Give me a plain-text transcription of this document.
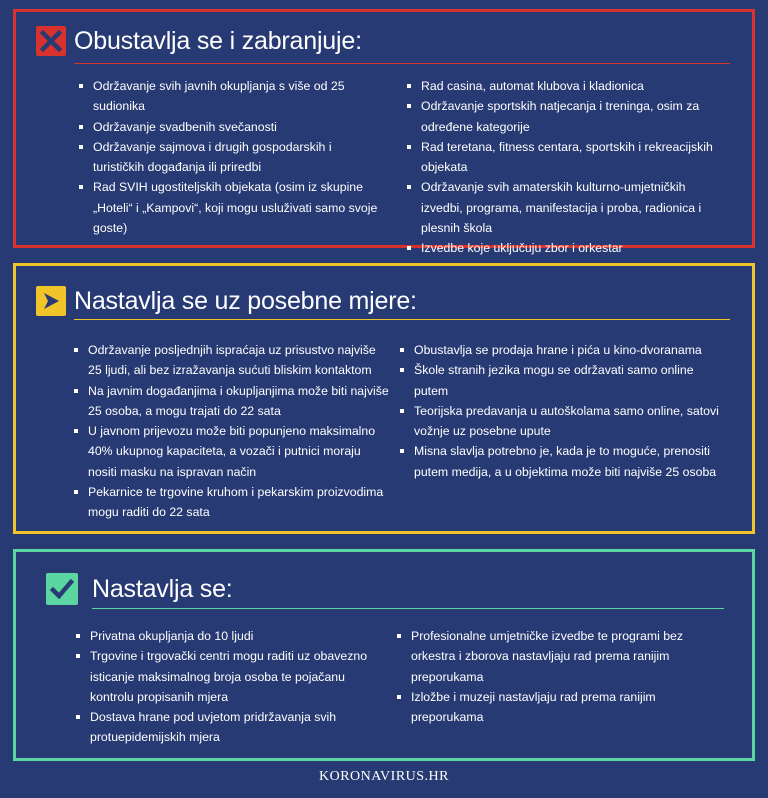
Obustavlja se i zabranjuje:
Održavanje svih javnih okupljanja s više od 25 sudionika
Održavanje svadbenih svečanosti
Održavanje sajmova i drugih gospodarskih i turističkih događanja ili priredbi
Rad SVIH ugostiteljskih objekata (osim iz skupine „Hoteli“ i „Kampovi“, koji mogu usluživati samo svoje goste)
Rad casina, automat klubova i kladionica
Održavanje sportskih natjecanja i treninga, osim za određene kategorije
Rad teretana, fitness centara, sportskih i rekreacijskih objekata
Održavanje svih amaterskih kulturno-umjetničkih izvedbi, programa, manifestacija i proba, radionica i plesnih škola
Izvedbe koje uključuju zbor i orkestar
Nastavlja se uz posebne mjere:
Održavanje posljednjih ispraćaja uz prisustvo najviše 25 ljudi, ali bez izražavanja sućuti bliskim kontaktom
Na javnim događanjima i okupljanjima može biti najviše 25 osoba, a mogu trajati do 22 sata
U javnom prijevozu može biti popunjeno maksimalno 40% ukupnog kapaciteta, a vozači i putnici moraju nositi masku na ispravan način
Pekarnice te trgovine kruhom i pekarskim proizvodima mogu raditi do 22 sata
Obustavlja se prodaja hrane i pića u kino-dvoranama
Škole stranih jezika mogu se održavati samo online putem
Teorijska predavanja u autoškolama samo online, satovi vožnje uz posebne upute
Misna slavlja potrebno je, kada je to moguće, prenositi putem medija, a u objektima može biti najviše 25 osoba
Nastavlja se:
Privatna okupljanja do 10 ljudi
Trgovine i trgovački centri mogu raditi uz obavezno isticanje maksimalnog broja osoba te pojačanu kontrolu propisanih mjera
Dostava hrane pod uvjetom pridržavanja svih protuepidemijskih mjera
Profesionalne umjetničke izvedbe te programi bez orkestra i zborova nastavljaju rad prema ranijim preporukama
Izložbe i muzeji nastavljaju rad prema ranijim preporukama
KORONAVIRUS.HR
